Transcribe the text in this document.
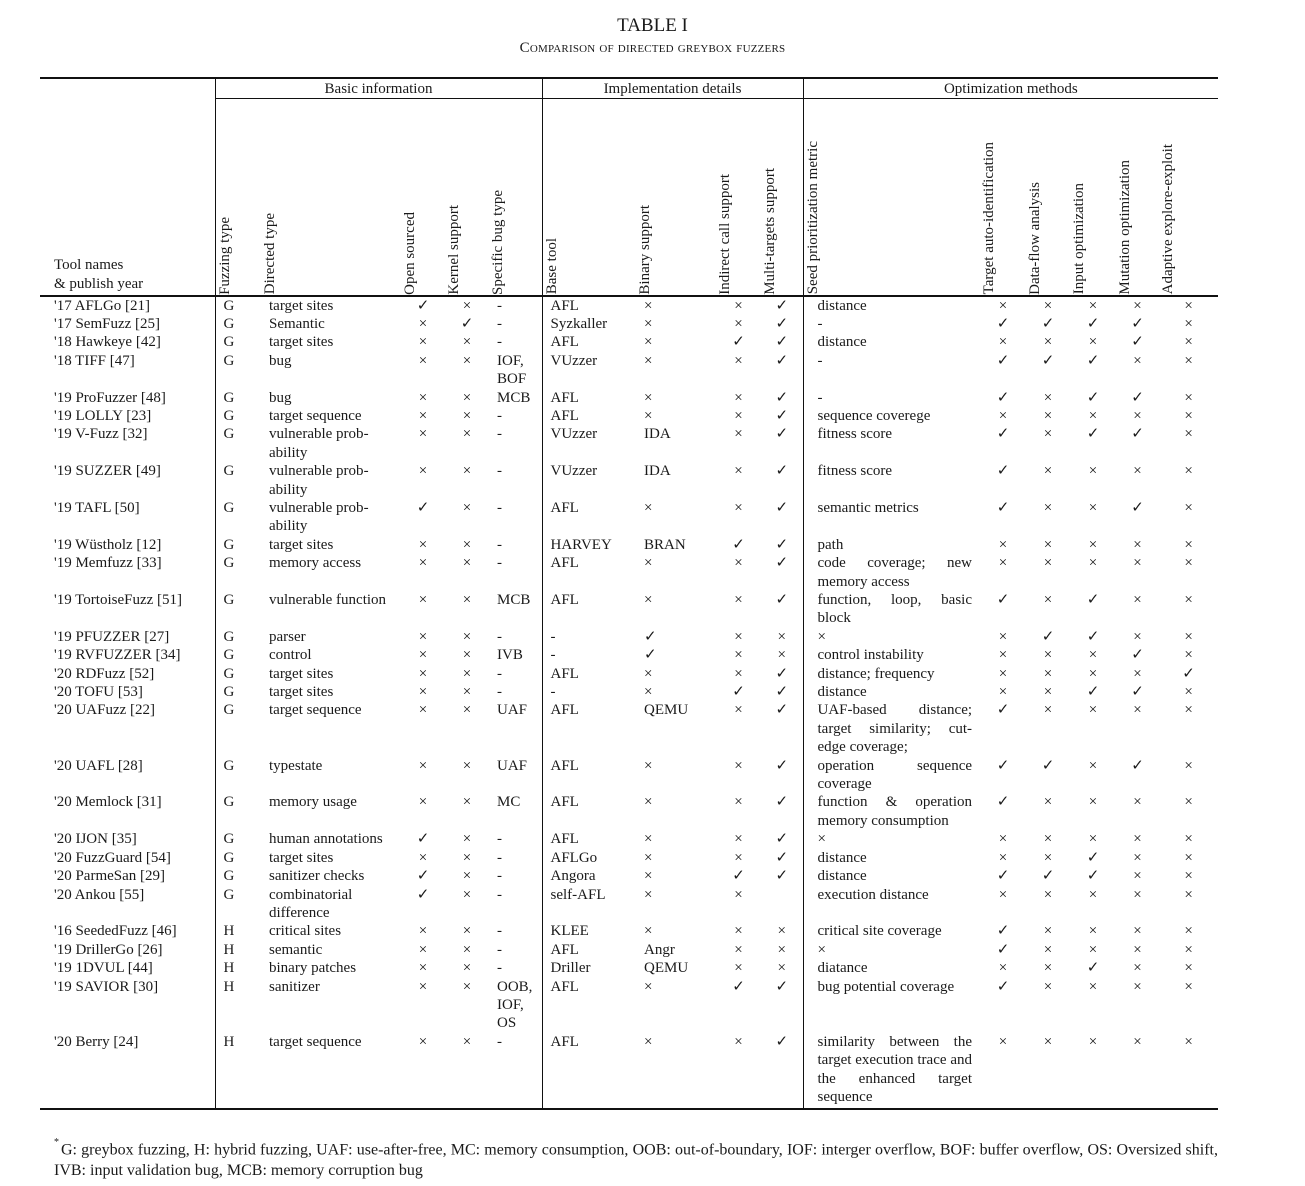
TABLE I
Comparison of directed greybox fuzzers
	Basic information					Implementation details				Optimization methods					

Tool names
& publish year	Fuzzing type	Directed type	Open sourced	Kernel support	Specific bug type	Base tool	Binary support	Indirect call support	Multi-targets support	Seed prioritization metric	Target auto-identification	Data-flow analysis	Input optimization	Mutation optimization	Adaptive explore-exploit

'17 AFLGo [21]	G	target sites	✓	×	-	AFL	×	×	✓	distance	×	×	×	×	×
'17 SemFuzz [25]	G	Semantic	×	✓	-	Syzkaller	×	×	✓	-	✓	✓	✓	✓	×
'18 Hawkeye [42]	G	target sites	×	×	-	AFL	×	✓	✓	distance	×	×	×	✓	×
'18 TIFF [47]	G	bug	×	×	IOF, BOF	VUzzer	×	×	✓	-	✓	✓	✓	×	×
'19 ProFuzzer [48]	G	bug	×	×	MCB	AFL	×	×	✓	-	✓	×	✓	✓	×
'19 LOLLY [23]	G	target sequence	×	×	-	AFL	×	×	✓	sequence coverege	×	×	×	×	×
'19 V-Fuzz [32]	G	vulnerable probability	×	×	-	VUzzer	IDA	×	✓	fitness score	✓	×	✓	✓	×
'19 SUZZER [49]	G	vulnerable probability	×	×	-	VUzzer	IDA	×	✓	fitness score	✓	×	×	×	×
'19 TAFL [50]	G	vulnerable probability	✓	×	-	AFL	×	×	✓	semantic metrics	✓	×	×	✓	×
'19 Wüstholz [12]	G	target sites	×	×	-	HARVEY	BRAN	✓	✓	path	×	×	×	×	×
'19 Memfuzz [33]	G	memory access	×	×	-	AFL	×	×	✓	code coverage; new memory access	×	×	×	×	×
'19 TortoiseFuzz [51]	G	vulnerable function	×	×	MCB	AFL	×	×	✓	function, loop, basic block	✓	×	✓	×	×
'19 PFUZZER [27]	G	parser	×	×	-	-	✓	×	×	×	×	✓	✓	×	×
'19 RVFUZZER [34]	G	control	×	×	IVB	-	✓	×	×	control instability	×	×	×	✓	×
'20 RDFuzz [52]	G	target sites	×	×	-	AFL	×	×	✓	distance; frequency	×	×	×	×	✓
'20 TOFU [53]	G	target sites	×	×	-	-	×	✓	✓	distance	×	×	✓	✓	×
'20 UAFuzz [22]	G	target sequence	×	×	UAF	AFL	QEMU	×	✓	UAF-based distance; target similarity; cut-edge coverage;	✓	×	×	×	×
'20 UAFL [28]	G	typestate	×	×	UAF	AFL	×	×	✓	operation sequence coverage	✓	✓	×	✓	×
'20 Memlock [31]	G	memory usage	×	×	MC	AFL	×	×	✓	function & operation memory consumption	✓	×	×	×	×
'20 IJON [35]	G	human annotations	✓	×	-	AFL	×	×	✓	×	×	×	×	×	×
'20 FuzzGuard [54]	G	target sites	×	×	-	AFLGo	×	×	✓	distance	×	×	✓	×	×
'20 ParmeSan [29]	G	sanitizer checks	✓	×	-	Angora	×	✓	✓	distance	✓	✓	✓	×	×
'20 Ankou [55]	G	combinatorial difference	✓	×	-	self-AFL	×	×		execution distance	×	×	×	×	×
'16 SeededFuzz [46]	H	critical sites	×	×	-	KLEE	×	×	×	critical site coverage	✓	×	×	×	×
'19 DrillerGo [26]	H	semantic	×	×	-	AFL	Angr	×	×	×	✓	×	×	×	×
'19 1DVUL [44]	H	binary patches	×	×	-	Driller	QEMU	×	×	diatance	×	×	✓	×	×
'19 SAVIOR [30]	H	sanitizer	×	×	OOB, IOF, OS	AFL	×	✓	✓	bug potential coverage	✓	×	×	×	×
'20 Berry [24]	H	target sequence	×	×	-	AFL	×	×	✓	similarity between the target execution trace and the enhanced target sequence	×	×	×	×	×
* G: greybox fuzzing, H: hybrid fuzzing, UAF: use-after-free, MC: memory consumption, OOB: out-of-boundary, IOF: interger overflow, BOF: buffer overflow, OS: Oversized shift, IVB: input validation bug, MCB: memory corruption bug
